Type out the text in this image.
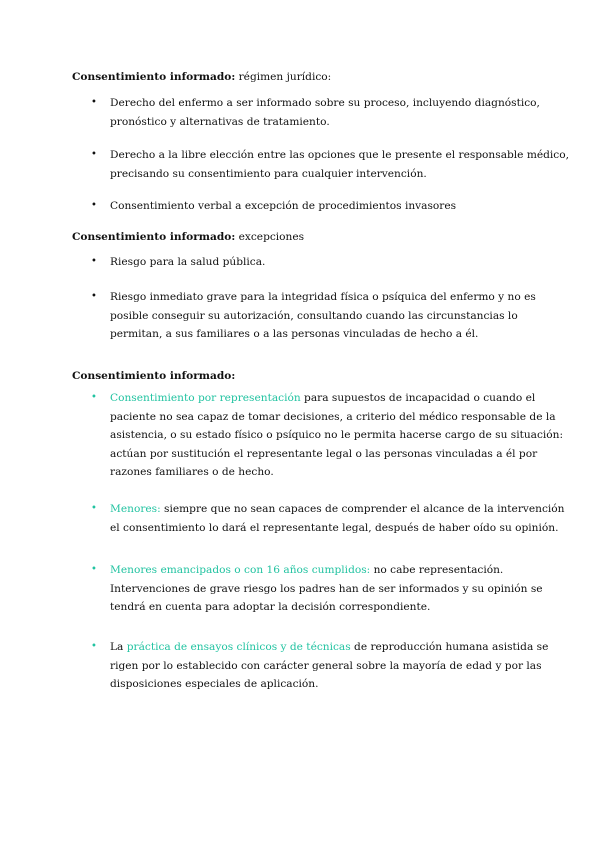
Consentimiento informado: régimen jurídico:
• Derecho del enfermo a ser informado sobre su proceso, incluyendo diagnóstico,
pronóstico y alternativas de tratamiento.
• Derecho a la libre elección entre las opciones que le presente el responsable médico,
precisando su consentimiento para cualquier intervención.
• Consentimiento verbal a excepción de procedimientos invasores
Consentimiento informado: excepciones
• Riesgo para la salud pública.
• Riesgo inmediato grave para la integridad física o psíquica del enfermo y no es
posible conseguir su autorización, consultando cuando las circunstancias lo
permitan, a sus familiares o a las personas vinculadas de hecho a él.
Consentimiento informado:
• Consentimiento por representación para supuestos de incapacidad o cuando el
paciente no sea capaz de tomar decisiones, a criterio del médico responsable de la
asistencia, o su estado físico o psíquico no le permita hacerse cargo de su situación:
actúan por sustitución el representante legal o las personas vinculadas a él por
razones familiares o de hecho.
• Menores: siempre que no sean capaces de comprender el alcance de la intervención
el consentimiento lo dará el representante legal, después de haber oído su opinión.
• Menores emancipados o con 16 años cumplidos: no cabe representación.
Intervenciones de grave riesgo los padres han de ser informados y su opinión se
tendrá en cuenta para adoptar la decisión correspondiente.
• La práctica de ensayos clínicos y de técnicas de reproducción humana asistida se
rigen por lo establecido con carácter general sobre la mayoría de edad y por las
disposiciones especiales de aplicación.
